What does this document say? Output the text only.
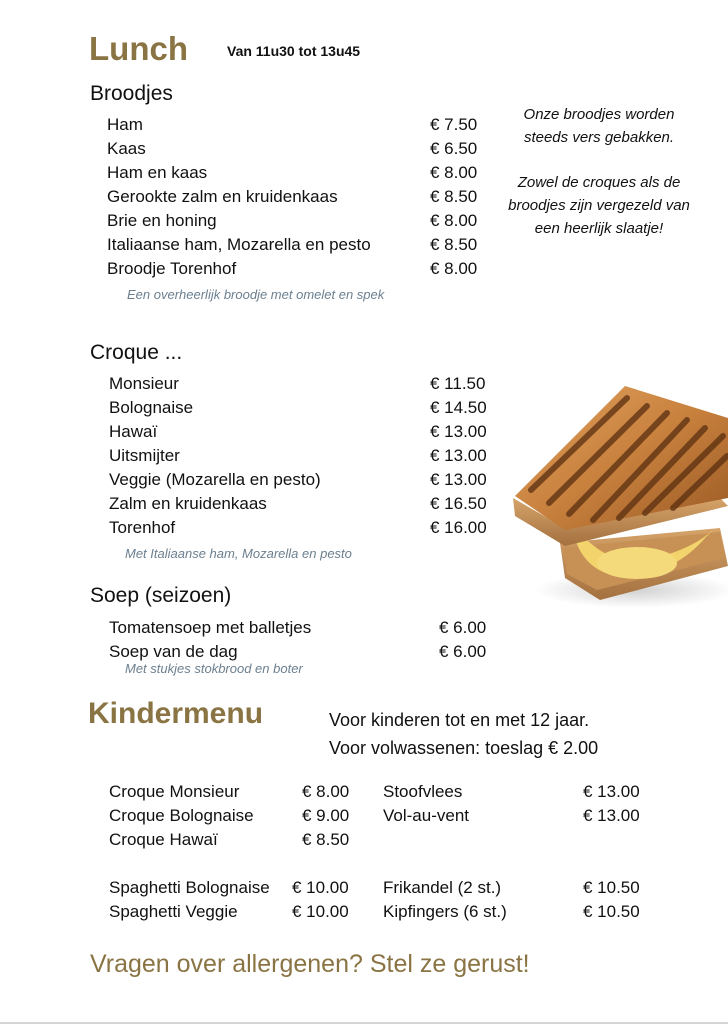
Lunch	Van 11u30 tot 13u45
Broodjes
Ham	€ 7.50
Kaas	€ 6.50
Ham en kaas	€ 8.00
Gerookte zalm en kruidenkaas	€ 8.50
Brie en honing	€ 8.00
Italiaanse ham, Mozarella en pesto	€ 8.50
Broodje Torenhof	€ 8.00
Een overheerlijk broodje met omelet en spek
Onze broodjes worden steeds vers gebakken.
Zowel de croques als de broodjes zijn vergezeld van een heerlijk slaatje!
Croque ...
Monsieur	€ 11.50
Bolognaise	€ 14.50
Hawaï	€ 13.00
Uitsmijter	€ 13.00
Veggie (Mozarella en pesto)	€ 13.00
Zalm en kruidenkaas	€ 16.50
Torenhof	€ 16.00
Met Italiaanse ham, Mozarella en pesto
Soep (seizoen)
Tomatensoep met balletjes	€ 6.00
Soep van de dag	€ 6.00
Met stukjes stokbrood en boter
Kindermenu	Voor kinderen tot en met 12 jaar.
Voor volwassenen: toeslag € 2.00
Croque Monsieur	€ 8.00
Croque Bolognaise	€ 9.00
Croque Hawaï	€ 8.50
Stoofvlees	€ 13.00
Vol-au-vent	€ 13.00
Spaghetti Bolognaise € 10.00
Spaghetti Veggie	€ 10.00
Frikandel (2 st.)	€ 10.50
Kipfingers (6 st.)	€ 10.50
Vragen over allergenen? Stel ze gerust!
